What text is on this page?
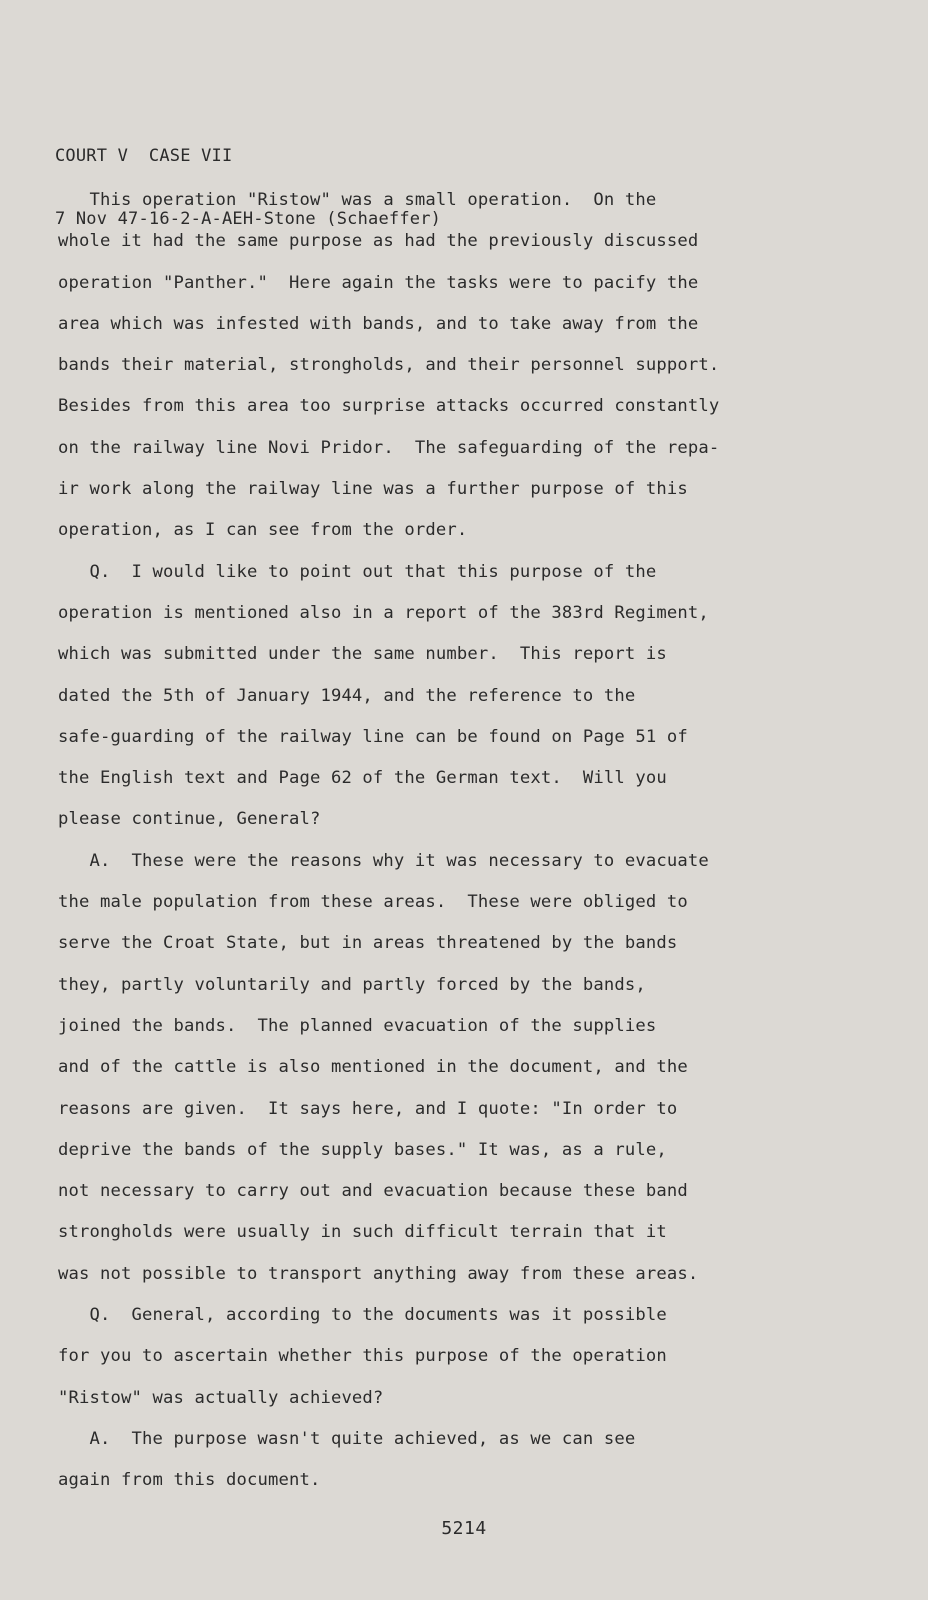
COURT V  CASE VII

7 Nov 47-16-2-A-AEH-Stone (Schaeffer)

This operation "Ristow" was a small operation.  On the
whole it had the same purpose as had the previously discussed
operation "Panther."  Here again the tasks were to pacify the
area which was infested with bands, and to take away from the
bands their material, strongholds, and their personnel support.
Besides from this area too surprise attacks occurred constantly
on the railway line Novi Pridor.  The safeguarding of the repa-
ir work along the railway line was a further purpose of this
operation, as I can see from the order.
Q.  I would like to point out that this purpose of the
operation is mentioned also in a report of the 383rd Regiment,
which was submitted under the same number.  This report is
dated the 5th of January 1944, and the reference to the
safe-guarding of the railway line can be found on Page 51 of
the English text and Page 62 of the German text.  Will you
please continue, General?
A.  These were the reasons why it was necessary to evacuate
the male population from these areas.  These were obliged to
serve the Croat State, but in areas threatened by the bands
they, partly voluntarily and partly forced by the bands,
joined the bands.  The planned evacuation of the supplies
and of the cattle is also mentioned in the document, and the
reasons are given.  It says here, and I quote: "In order to
deprive the bands of the supply bases." It was, as a rule,
not necessary to carry out and evacuation because these band
strongholds were usually in such difficult terrain that it
was not possible to transport anything away from these areas.
Q.  General, according to the documents was it possible
for you to ascertain whether this purpose of the operation
"Ristow" was actually achieved?
A.  The purpose wasn't quite achieved, as we can see
again from this document.
5214
